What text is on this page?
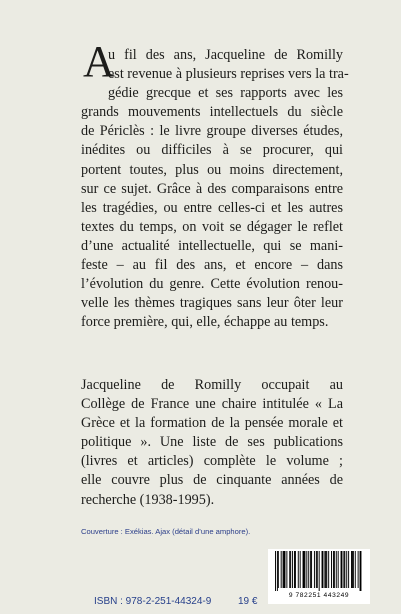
A
u fil des ans, Jacqueline de Romilly
est revenue à plusieurs reprises vers la tra-
gédie grecque et ses rapports avec les
grands mouvements intellectuels du siècle
de Périclès : le livre groupe diverses études,
inédites ou difficiles à se procurer, qui
portent toutes, plus ou moins directement,
sur ce sujet. Grâce à des comparaisons entre
les tragédies, ou entre celles-ci et les autres
textes du temps, on voit se dégager le reflet
d’une actualité intellectuelle, qui se mani-
feste – au fil des ans, et encore – dans
l’évolution du genre. Cette évolution renou-
velle les thèmes tragiques sans leur ôter leur
force première, qui, elle, échappe au temps.
Jacqueline de Romilly occupait au
Collège de France une chaire intitulée « La
Grèce et la formation de la pensée morale et
politique ». Une liste de ses publications
(livres et articles) complète le volume ;
elle couvre plus de cinquante années de
recherche (1938-1995).
Couverture : Exékias. Ajax (détail d’une amphore).
9 782251 443249
ISBN : 978-2-251-44324-9	19 €
